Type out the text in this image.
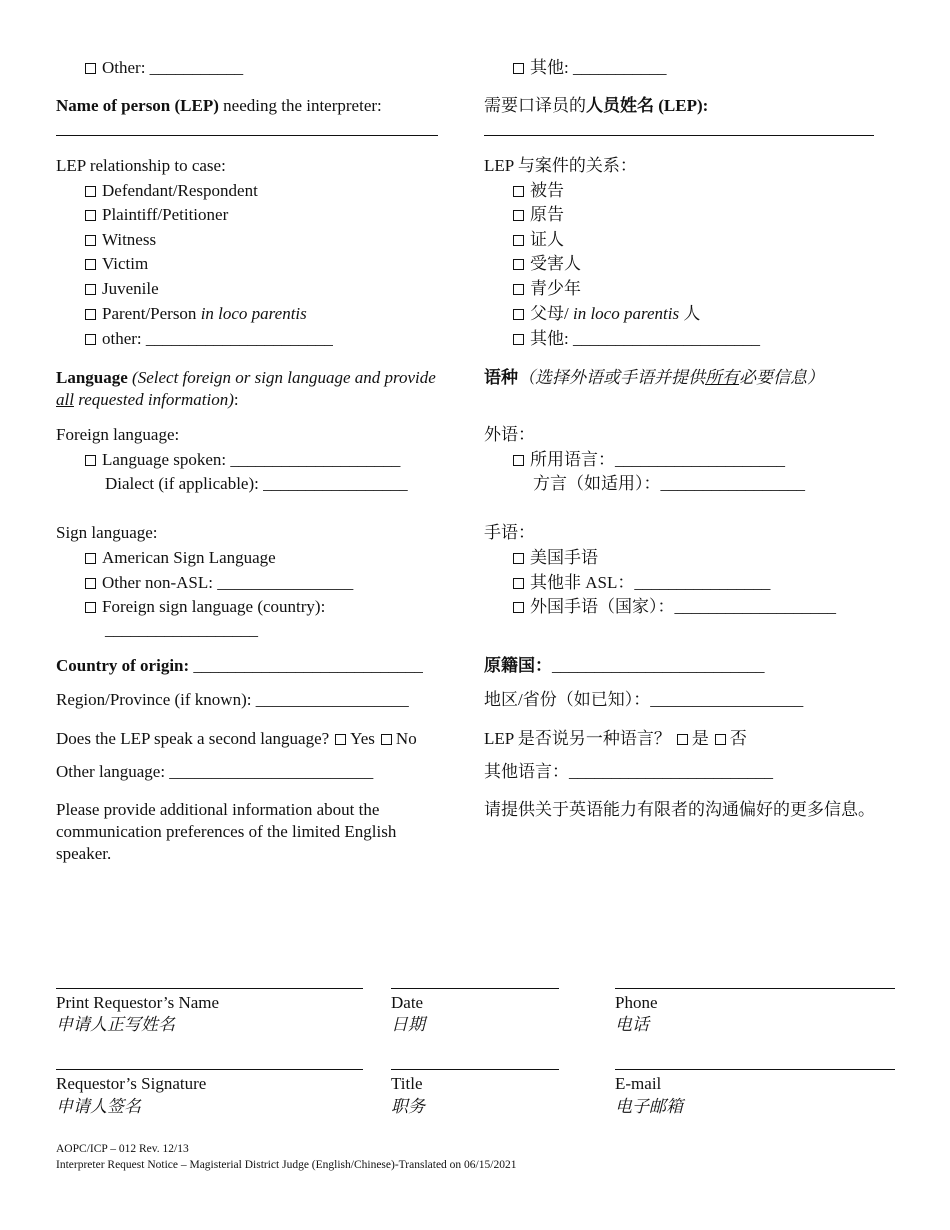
Other: ___________
Name of person (LEP) needing the interpreter:
LEP relationship to case:
Defendant/Respondent
Plaintiff/Petitioner
Witness
Victim
Juvenile
Parent/Person in loco parentis
other: ______________________
Language (Select foreign or sign language and provide all requested information):
Foreign language:
Language spoken: ____________________
Dialect (if applicable): _________________
Sign language:
American Sign Language
Other non-ASL: ________________
Foreign sign language (country):
__________________
Country of origin: ___________________________
Region/Province (if known): __________________
Does the LEP speak a second language? Yes No
Other language: ________________________
Please provide additional information about the communication preferences of the limited English speaker.
其他: ___________
需要口译员的人员姓名 (LEP):
LEP 与案件的关系：
被告
原告
证人
受害人
青少年
父母/ in loco parentis 人
其他: ______________________
语种（选择外语或手语并提供所有必要信息）
外语：
所用语言：____________________
方言（如适用）：_________________
手语：
美国手语
其他非 ASL：________________
外国手语（国家）：___________________
原籍国：_________________________
地区/省份（如已知）：__________________
LEP 是否说另一种语言？ 是 否
其他语言：________________________
请提供关于英语能力有限者的沟通偏好的更多信息。
Print Requestor’s Name
申请人正写姓名
Date
日期
Phone
电话
Requestor’s Signature
申请人签名
Title
职务
E-mail
电子邮箱
AOPC/ICP – 012 Rev. 12/13
Interpreter Request Notice – Magisterial District Judge (English/Chinese)-Translated on 06/15/2021
